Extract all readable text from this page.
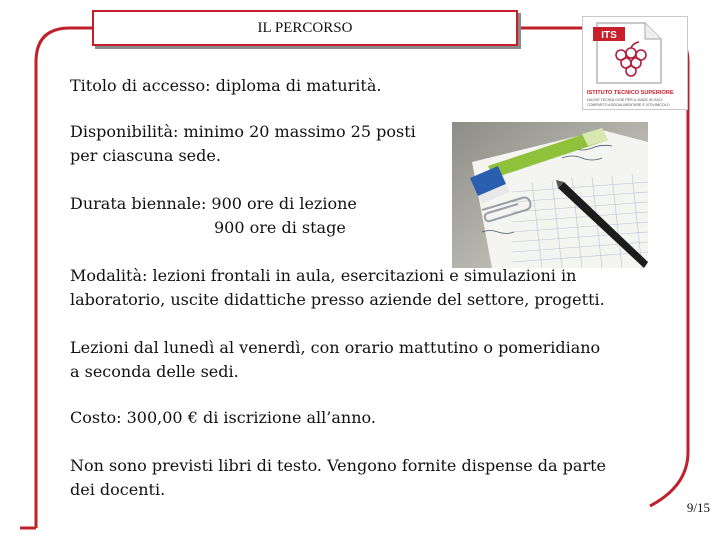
IL PERCORSO	ITS
ISTITUTO TECNICO SUPERIORE
NUOVE TECNOLOGIE PER IL MADE IN ITALY
COMPARTO AGROALIMENTARE E VITIVINICOLO
Titolo di accesso: diploma di maturità.
Disponibilità: minimo 20 massimo 25 posti
per ciascuna sede.
Durata biennale: 900 ore di lezione
900 ore di stage
Modalità: lezioni frontali in aula, esercitazioni e simulazioni in
laboratorio, uscite didattiche presso aziende del settore, progetti.
Lezioni dal lunedì al venerdì, con orario mattutino o pomeridiano
a seconda delle sedi.
Costo: 300,00 € di iscrizione all’anno.
Non sono previsti libri di testo. Vengono fornite dispense da parte
dei docenti.
9/15
